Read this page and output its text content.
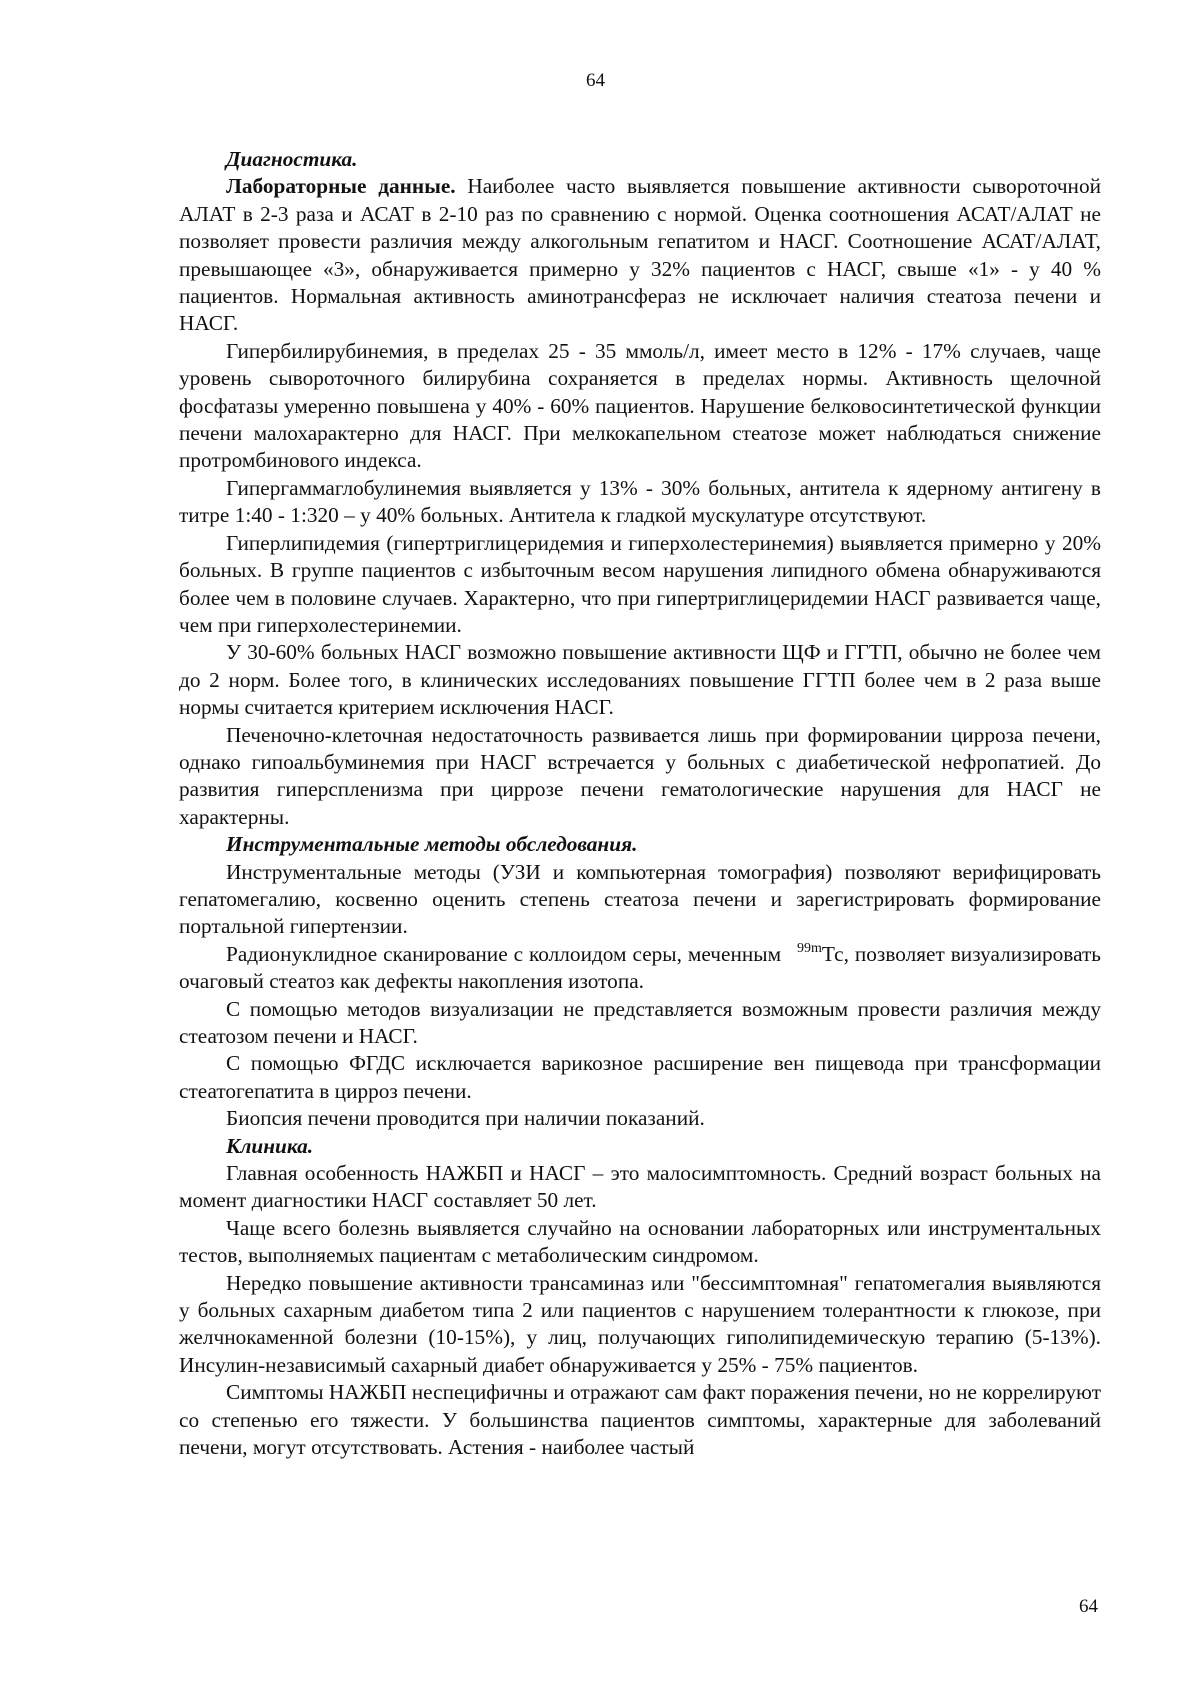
64
Диагностика.

Лабораторные данные. Наиболее часто выявляется повышение активности сывороточной АЛАТ в 2-3 раза и АСАТ в 2-10 раз по сравнению с нормой. Оценка соотношения АСАТ/АЛАТ не позволяет провести различия между алкогольным гепатитом и НАСГ. Соотношение АСАТ/АЛАТ, превышающее «3», обнаруживается примерно у 32% пациентов с НАСГ, свыше «1» - у 40 % пациентов. Нормальная активность аминотрансфераз не исключает наличия стеатоза печени и НАСГ.

Гипербилирубинемия, в пределах 25 - 35 ммоль/л, имеет место в 12% - 17% случаев, чаще уровень сывороточного билирубина сохраняется в пределах нормы. Активность щелочной фосфатазы умеренно повышена у 40% - 60% пациентов. Нарушение белковосинтетической функции печени малохарактерно для НАСГ. При мелкокапельном стеатозе может наблюдаться снижение протромбинового индекса.

Гипергаммаглобулинемия выявляется у 13% - 30% больных, антитела к ядерному антигену в титре 1:40 - 1:320 – у 40% больных. Антитела к гладкой мускулатуре отсутствуют.

Гиперлипидемия (гипертриглицеридемия и гиперхолестеринемия) выявляется примерно у 20% больных. В группе пациентов с избыточным весом нарушения липидного обмена обнаруживаются более чем в половине случаев. Характерно, что при гипертриглицеридемии НАСГ развивается чаще, чем при гиперхолестеринемии.

У 30-60% больных НАСГ возможно повышение активности ЩФ и ГГТП, обычно не более чем до 2 норм. Более того, в клинических исследованиях повышение ГГТП более чем в 2 раза выше нормы считается критерием исключения НАСГ.

Печеночно-клеточная недостаточность развивается лишь при формировании цирроза печени, однако гипоальбуминемия при НАСГ встречается у больных с диабетической нефропатией. До развития гиперспленизма при циррозе печени гематологические нарушения для НАСГ не характерны.

Инструментальные методы обследования.

Инструментальные методы (УЗИ и компьютерная томография) позволяют верифицировать гепатомегалию, косвенно оценить степень стеатоза печени и зарегистрировать формирование портальной гипертензии.

Радионуклидное сканирование с коллоидом серы, меченным $^{99m}$Тс, позволяет визуализировать очаговый стеатоз как дефекты накопления изотопа.

С помощью методов визуализации не представляется возможным провести различия между стеатозом печени и НАСГ.

С помощью ФГДС исключается варикозное расширение вен пищевода при трансформации стеатогепатита в цирроз печени.

Биопсия печени проводится при наличии показаний.

Клиника.

Главная особенность НАЖБП и НАСГ – это малосимптомность. Средний возраст больных на момент диагностики НАСГ составляет 50 лет.

Чаще всего болезнь выявляется случайно на основании лабораторных или инструментальных тестов, выполняемых пациентам с метаболическим синдромом.

Нередко повышение активности трансаминаз или "бессимптомная" гепатомегалия выявляются у больных сахарным диабетом типа 2 или пациентов с нарушением толерантности к глюкозе, при желчнокаменной болезни (10-15%), у лиц, получающих гиполипидемическую терапию (5-13%). Инсулин-независимый сахарный диабет обнаруживается у 25% - 75% пациентов.

Симптомы НАЖБП неспецифичны и отражают сам факт поражения печени, но не коррелируют со степенью его тяжести. У большинства пациентов симптомы, характерные для заболеваний печени, могут отсутствовать. Астения - наиболее частый

64
